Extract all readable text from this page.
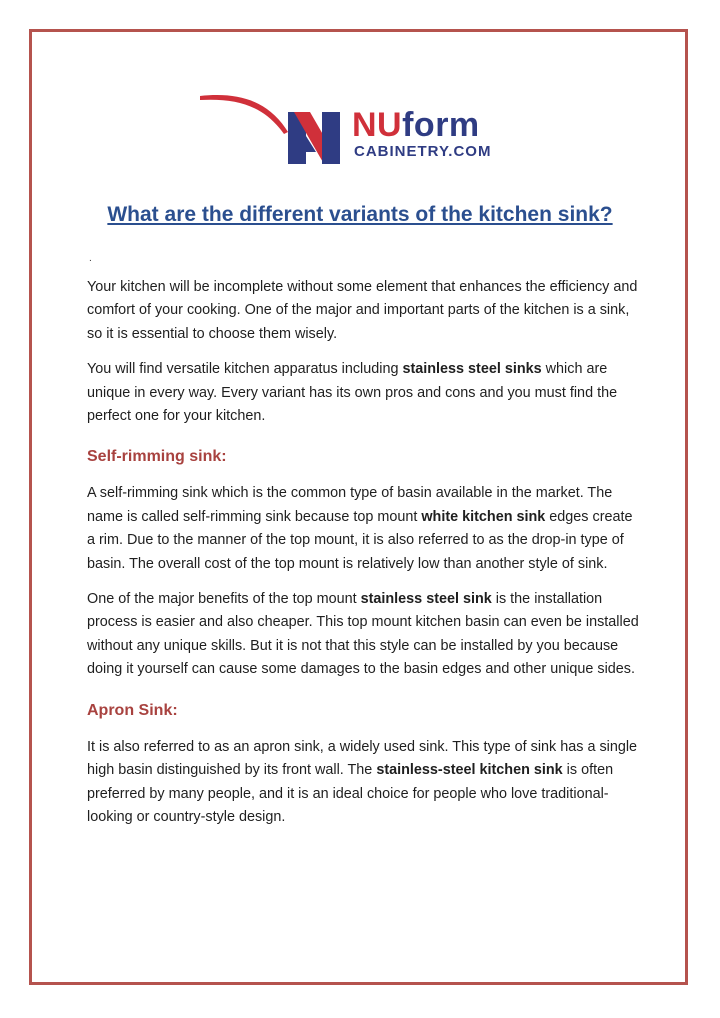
NUform
CABINETRY.COM
What are the different variants of the kitchen sink?
.

Your kitchen will be incomplete without some element that enhances the efficiency and comfort of your cooking. One of the major and important parts of the kitchen is a sink, so it is essential to choose them wisely.

You will find versatile kitchen apparatus including stainless steel sinks which are unique in every way. Every variant has its own pros and cons and you must find the perfect one for your kitchen.

Self-rimming sink:

A self-rimming sink which is the common type of basin available in the market. The name is called self-rimming sink because top mount white kitchen sink edges create a rim. Due to the manner of the top mount, it is also referred to as the drop-in type of basin. The overall cost of the top mount is relatively low than another style of sink.

One of the major benefits of the top mount stainless steel sink is the installation process is easier and also cheaper. This top mount kitchen basin can even be installed without any unique skills. But it is not that this style can be installed by you because doing it yourself can cause some damages to the basin edges and other unique sides.

Apron Sink:

It is also referred to as an apron sink, a widely used sink. This type of sink has a single high basin distinguished by its front wall. The stainless-steel kitchen sink is often preferred by many people, and it is an ideal choice for people who love traditional-looking or country-style design.
